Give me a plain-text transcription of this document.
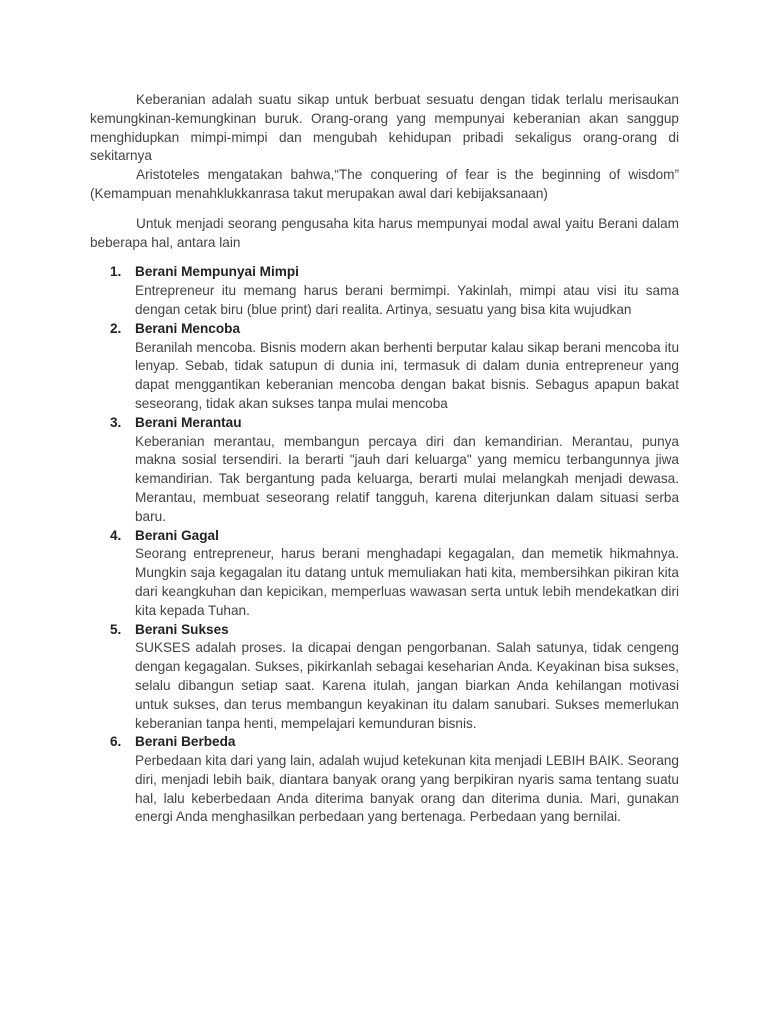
Keberanian adalah suatu sikap untuk berbuat sesuatu dengan tidak terlalu merisaukan kemungkinan-kemungkinan buruk. Orang-orang yang mempunyai keberanian akan sanggup menghidupkan mimpi-mimpi dan mengubah kehidupan pribadi sekaligus orang-orang di sekitarnya

Aristoteles mengatakan bahwa,“The conquering of fear is the beginning of wisdom” (Kemampuan menahklukkanrasa takut merupakan awal dari kebijaksanaan)

Untuk menjadi seorang pengusaha kita harus mempunyai modal awal yaitu Berani dalam beberapa hal, antara lain

1. Berani Mempunyai Mimpi
Entrepreneur itu memang harus berani bermimpi. Yakinlah, mimpi atau visi itu sama dengan cetak biru (blue print) dari realita. Artinya, sesuatu yang bisa kita wujudkan
2. Berani Mencoba
Beranilah mencoba. Bisnis modern akan berhenti berputar kalau sikap berani mencoba itu lenyap. Sebab, tidak satupun di dunia ini, termasuk di dalam dunia entrepreneur yang dapat menggantikan keberanian mencoba dengan bakat bisnis. Sebagus apapun bakat seseorang, tidak akan sukses tanpa mulai mencoba
3. Berani Merantau
Keberanian merantau, membangun percaya diri dan kemandirian. Merantau, punya makna sosial tersendiri. Ia berarti "jauh dari keluarga" yang memicu terbangunnya jiwa kemandirian. Tak bergantung pada keluarga, berarti mulai melangkah menjadi dewasa. Merantau, membuat seseorang relatif tangguh, karena diterjunkan dalam situasi serba baru.
4. Berani Gagal
Seorang entrepreneur, harus berani menghadapi kegagalan, dan memetik hikmahnya. Mungkin saja kegagalan itu datang untuk memuliakan hati kita, membersihkan pikiran kita dari keangkuhan dan kepicikan, memperluas wawasan serta untuk lebih mendekatkan diri kita kepada Tuhan.
5. Berani Sukses
SUKSES adalah proses. Ia dicapai dengan pengorbanan. Salah satunya, tidak cengeng dengan kegagalan. Sukses, pikirkanlah sebagai keseharian Anda. Keyakinan bisa sukses, selalu dibangun setiap saat. Karena itulah, jangan biarkan Anda kehilangan motivasi untuk sukses, dan terus membangun keyakinan itu dalam sanubari. Sukses memerlukan keberanian tanpa henti, mempelajari kemunduran bisnis.
6. Berani Berbeda
Perbedaan kita dari yang lain, adalah wujud ketekunan kita menjadi LEBIH BAIK. Seorang diri, menjadi lebih baik, diantara banyak orang yang berpikiran nyaris sama tentang suatu hal, lalu keberbedaan Anda diterima banyak orang dan diterima dunia. Mari, gunakan energi Anda menghasilkan perbedaan yang bertenaga. Perbedaan yang bernilai.
